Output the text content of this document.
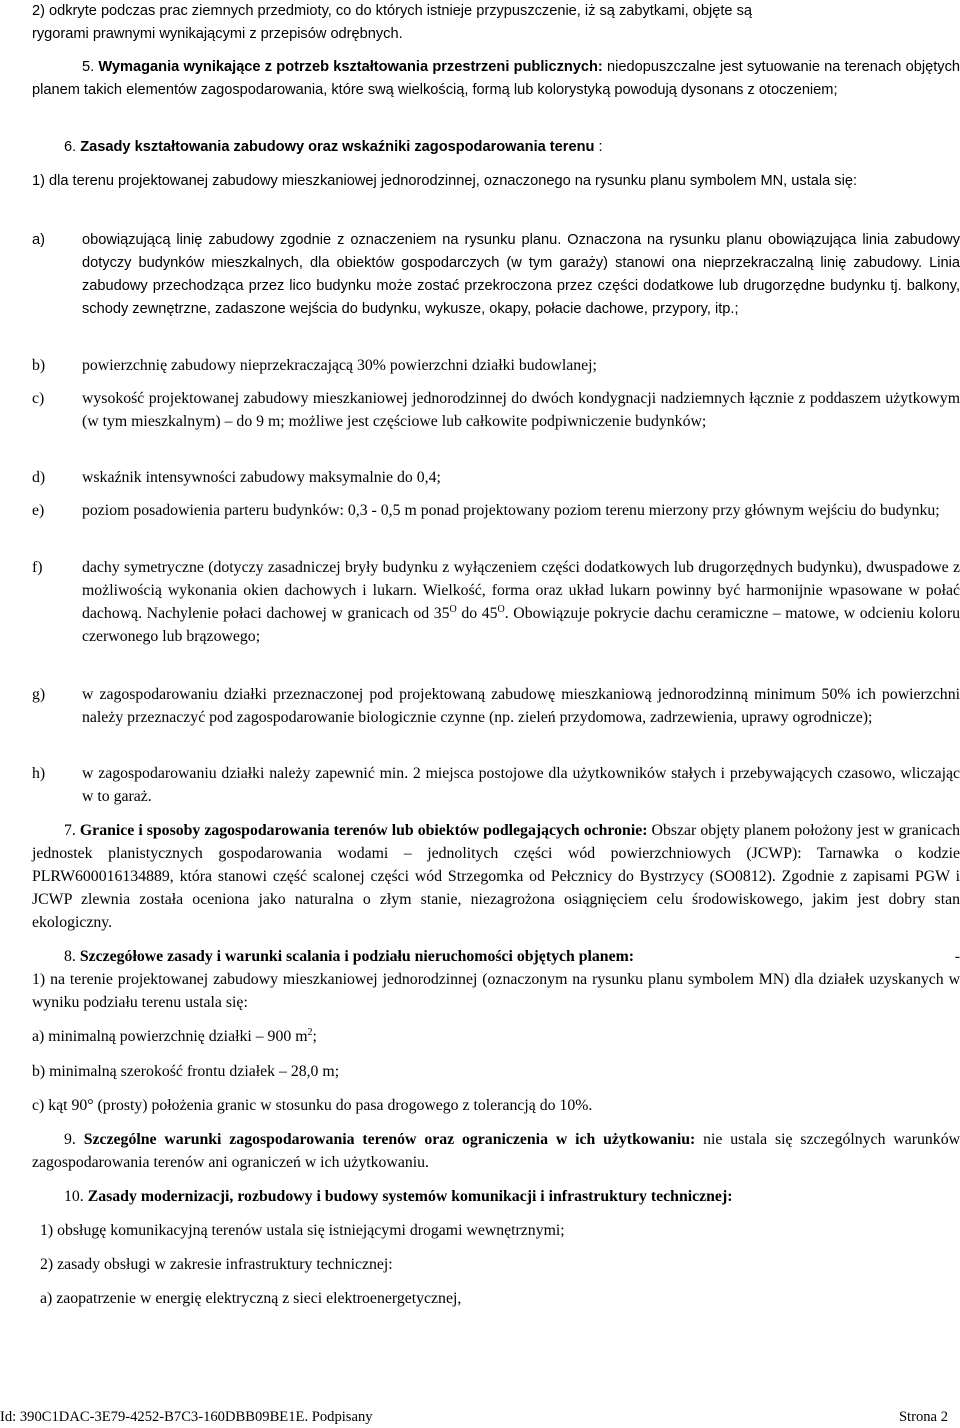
2) odkryte podczas prac ziemnych przedmioty, co do których istnieje przypuszczenie, iż są zabytkami, objęte są

rygorami prawnymi wynikającymi z przepisów odrębnych.

5. Wymagania wynikające z potrzeb kształtowania przestrzeni publicznych: niedopuszczalne jest sytuowanie na terenach objętych planem takich elementów zagospodarowania, które swą wielkością, formą lub kolorystyką powodują dysonans z otoczeniem;

6. Zasady kształtowania zabudowy oraz wskaźniki zagospodarowania terenu :

1) dla terenu projektowanej zabudowy mieszkaniowej jednorodzinnej, oznaczonego na rysunku planu symbolem MN, ustala się:

a)	obowiązującą linię zabudowy zgodnie z oznaczeniem na rysunku planu. Oznaczona na rysunku planu obowiązująca linia zabudowy dotyczy budynków mieszkalnych, dla obiektów gospodarczych (w tym garaży) stanowi ona nieprzekraczalną linię zabudowy. Linia zabudowy przechodząca przez lico budynku może zostać przekroczona przez części dodatkowe lub drugorzędne budynku tj. balkony, schody zewnętrzne, zadaszone wejścia do budynku, wykusze, okapy, połacie dachowe, przypory, itp.;

b) powierzchnię zabudowy nieprzekraczającą 30% powierzchni działki budowlanej;

c) wysokość projektowanej zabudowy mieszkaniowej jednorodzinnej do dwóch kondygnacji nadziemnych łącznie z poddaszem użytkowym (w tym mieszkalnym) – do 9 m; możliwe jest częściowe lub całkowite podpiwniczenie budynków;

d) wskaźnik intensywności zabudowy maksymalnie do 0,4;

e) poziom posadowienia parteru budynków: 0,3 - 0,5 m ponad projektowany poziom terenu mierzony przy głównym wejściu do budynku;

f) dachy symetryczne (dotyczy zasadniczej bryły budynku z wyłączeniem części dodatkowych lub drugorzędnych budynku), dwuspadowe z możliwością wykonania okien dachowych i lukarn. Wielkość, forma oraz układ lukarn powinny być harmonijnie wpasowane w połać dachową. Nachylenie połaci dachowej w granicach od $35^O$ do $45^O$. Obowiązuje pokrycie dachu ceramiczne – matowe, w odcieniu koloru czerwonego lub brązowego;

g) w zagospodarowaniu działki przeznaczonej pod projektowaną zabudowę mieszkaniową jednorodzinną minimum 50% ich powierzchni należy przeznaczyć pod zagospodarowanie biologicznie czynne (np. zieleń przydomowa, zadrzewienia, uprawy ogrodnicze);

h) w zagospodarowaniu działki należy zapewnić min. 2 miejsca postojowe dla użytkowników stałych i przebywających czasowo, wliczając w to garaż.

7. Granice i sposoby zagospodarowania terenów lub obiektów podlegających ochronie: Obszar objęty planem położony jest w granicach jednostek planistycznych gospodarowania wodami – jednolitych części wód powierzchniowych (JCWP): Tarnawka o kodzie PLRW600016134889, która stanowi część scalonej części wód Strzegomka od Pełcznicy do Bystrzycy (SO0812). Zgodnie z zapisami PGW i JCWP zlewnia została oceniona jako naturalna o złym stanie, niezagrożona osiągnięciem celu środowiskowego, jakim jest dobry stan ekologiczny.

8. Szczegółowe zasady i warunki scalania i podziału nieruchomości objętych planem:	-

1) na terenie projektowanej zabudowy mieszkaniowej jednorodzinnej (oznaczonym na rysunku planu symbolem MN) dla działek uzyskanych w wyniku podziału terenu ustala się:

a) minimalną powierzchnię działki – 900 $m^2$;

b) minimalną szerokość frontu działek – 28,0 m;

c) kąt 90° (prosty) położenia granic w stosunku do pasa drogowego z tolerancją do 10%.

9. Szczególne warunki zagospodarowania terenów oraz ograniczenia w ich użytkowaniu: nie ustala się szczególnych warunków zagospodarowania terenów ani ograniczeń w ich użytkowaniu.

10. Zasady modernizacji, rozbudowy i budowy systemów komunikacji i infrastruktury technicznej:

1) obsługę komunikacyjną terenów ustala się istniejącymi drogami wewnętrznymi;

2) zasady obsługi w zakresie infrastruktury technicznej:

a) zaopatrzenie w energię elektryczną z sieci elektroenergetycznej,

Id: 390C1DAC-3E79-4252-B7C3-160DBB09BE1E. Podpisany	Strona 2
